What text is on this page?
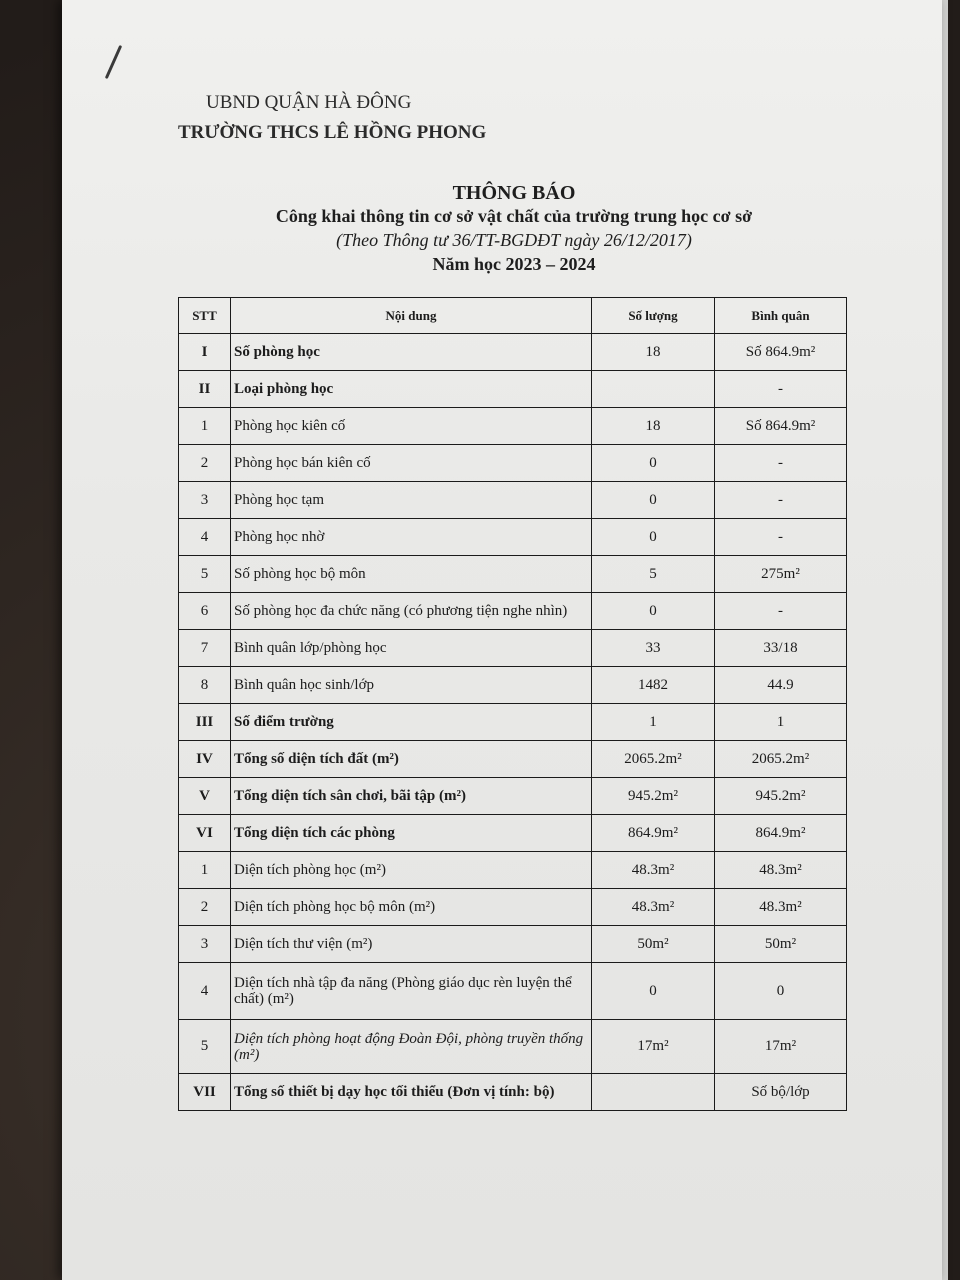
UBND QUẬN HÀ ĐÔNG
TRƯỜNG THCS LÊ HỒNG PHONG
THÔNG BÁO
Công khai thông tin cơ sở vật chất của trường trung học cơ sở
(Theo Thông tư 36/TT-BGDĐT ngày 26/12/2017)
Năm học 2023 – 2024
STT	Nội dung	Số lượng	Bình quân
I	Số phòng học	18	Số 864.9m²
II	Loại phòng học		-
1	Phòng học kiên cố	18	Số 864.9m²
2	Phòng học bán kiên cố	0	-
3	Phòng học tạm	0	-
4	Phòng học nhờ	0	-
5	Số phòng học bộ môn	5	275m²
6	Số phòng học đa chức năng (có phương tiện nghe nhìn)	0	-
7	Bình quân lớp/phòng học	33	33/18
8	Bình quân học sinh/lớp	1482	44.9
III	Số điểm trường	1	1
IV	Tổng số diện tích đất (m²)	2065.2m²	2065.2m²
V	Tổng diện tích sân chơi, bãi tập (m²)	945.2m²	945.2m²
VI	Tổng diện tích các phòng	864.9m²	864.9m²
1	Diện tích phòng học (m²)	48.3m²	48.3m²
2	Diện tích phòng học bộ môn (m²)	48.3m²	48.3m²
3	Diện tích thư viện (m²)	50m²	50m²
4	Diện tích nhà tập đa năng (Phòng giáo dục rèn luyện thể chất) (m²)	0	0
5	Diện tích phòng hoạt động Đoàn Đội, phòng truyền thống (m²)	17m²	17m²
VII	Tổng số thiết bị dạy học tối thiểu (Đơn vị tính: bộ)		Số bộ/lớp
